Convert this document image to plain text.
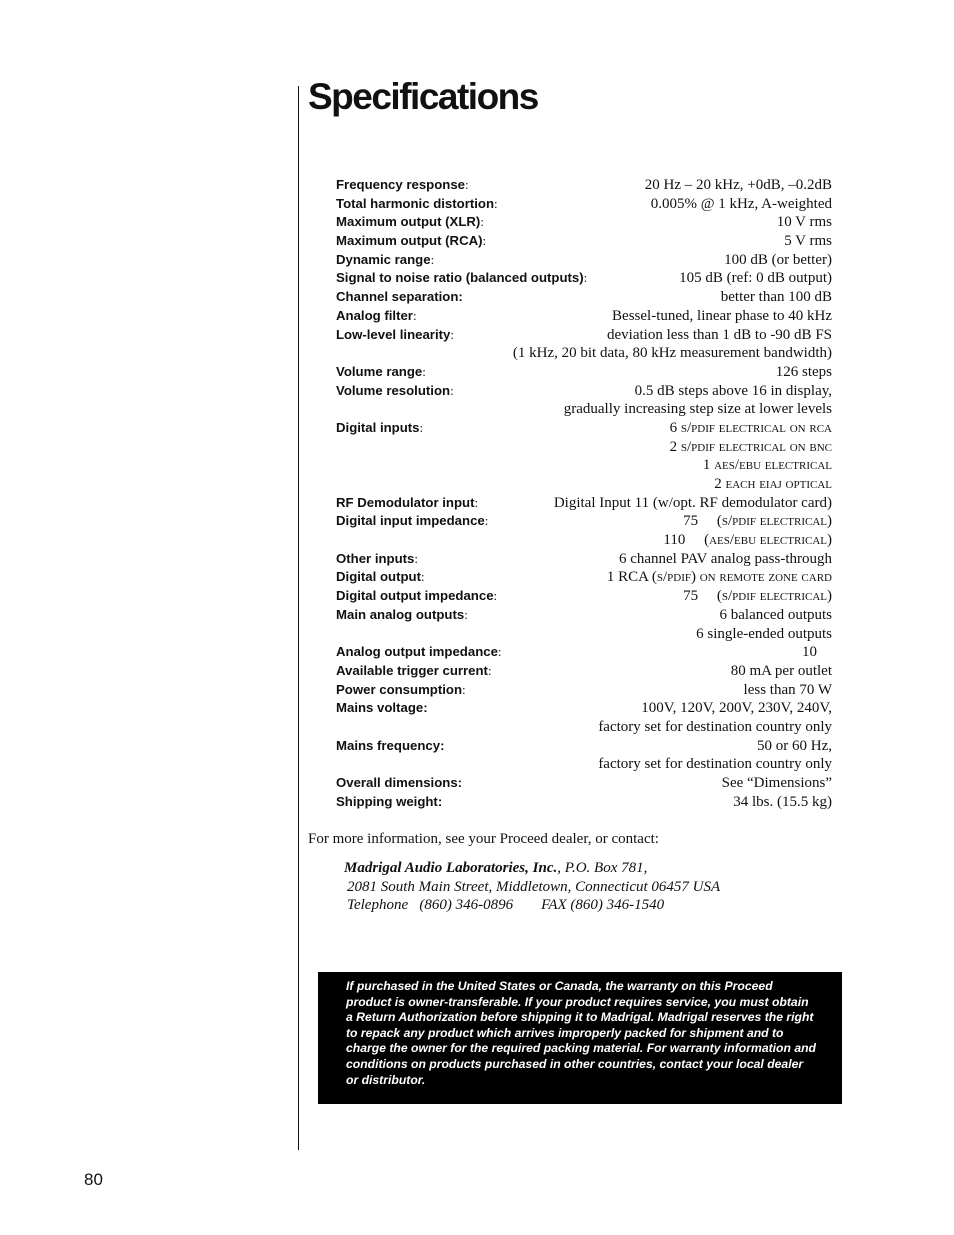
Specifications
Frequency response:	20 Hz – 20 kHz, +0dB, –0.2dB
Total harmonic distortion:	0.005% @ 1 kHz, A-weighted
Maximum output (XLR):	10 V rms
Maximum output (RCA):	5 V rms
Dynamic range:	100 dB (or better)
Signal to noise ratio (balanced outputs):	105 dB (ref: 0 dB output)
Channel separation:	better than 100 dB
Analog filter:	Bessel-tuned, linear phase to 40 kHz
Low-level linearity:	deviation less than 1 dB to -90 dB FS
(1 kHz, 20 bit data, 80 kHz measurement bandwidth)
Volume range:	126 steps
Volume resolution:	0.5 dB steps above 16 in display,
gradually increasing step size at lower levels
Digital inputs:	6 s/pdif electrical on rca
2 s/pdif electrical on bnc
1 aes/ebu electrical
2 each eiaj optical
RF Demodulator input:	Digital Input 11 (w/opt. RF demodulator card)
Digital input impedance:	75     (s/pdif electrical)
110     (aes/ebu electrical)
Other inputs:	6 channel PAV analog pass-through
Digital output:	1 RCA (s/pdif) on remote zone card
Digital output impedance:	75     (s/pdif electrical)
Main analog outputs:	6 balanced outputs
6 single-ended outputs
Analog output impedance:	10
Available trigger current:	80 mA per outlet
Power consumption:	less than 70 W
Mains voltage:	100V, 120V, 200V, 230V, 240V,
factory set for destination country only
Mains frequency:	50 or 60 Hz,
factory set for destination country only
Overall dimensions:	See “Dimensions”
Shipping weight:	34 lbs. (15.5 kg)
For more information, see your Proceed dealer, or contact:
Madrigal Audio Laboratories, Inc., P.O. Box 781,
2081 South Main Street, Middletown, Connecticut 06457 USA
Telephone   (860) 346-0896 FAX (860) 346-1540

If purchased in the United States or Canada, the warranty on this Proceed product is owner-transferable. If your product requires service, you must obtain a Return Authorization before shipping it to Madrigal. Madrigal reserves the right to repack any product which arrives improperly packed for shipment and to charge the owner for the required packing material. For warranty information and conditions on products purchased in other countries, contact your local dealer or distributor.

80
